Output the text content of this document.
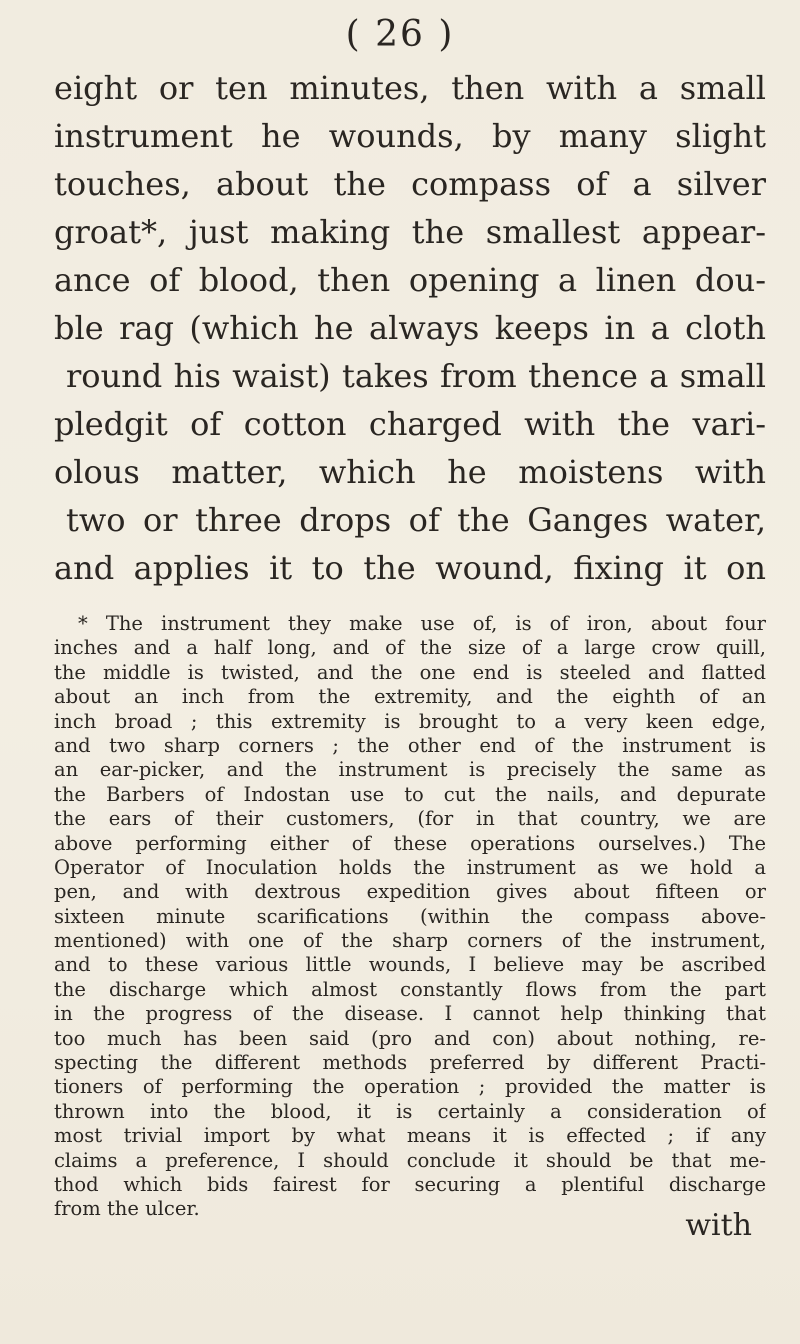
( 26 )
eight or ten minutes, then with a small
instrument he wounds, by many slight
touches, about the compass of a silver
groat*, just making the smallest appear-
ance of blood, then opening a linen dou-
ble rag (which he always keeps in a cloth
round his waist) takes from thence a small
pledgit of cotton charged with the vari-
olous matter, which he moistens with
two or three drops of the Ganges water,
and applies it to the wound, fixing it on
* The instrument they make use of, is of iron, about four
inches and a half long, and of the size of a large crow quill,
the middle is twisted, and the one end is steeled and flatted
about an inch from the extremity, and the eighth of an
inch broad ; this extremity is brought to a very keen edge,
and two sharp corners ; the other end of the instrument is
an ear-picker, and the instrument is precisely the same as
the Barbers of Indostan use to cut the nails, and depurate
the ears of their customers, (for in that country, we are
above performing either of these operations ourselves.) The
Operator of Inoculation holds the instrument as we hold a
pen, and with dextrous expedition gives about fifteen or
sixteen minute scarifications (within the compass above-
mentioned) with one of the sharp corners of the instrument,
and to these various little wounds, I believe may be ascribed
the discharge which almost constantly flows from the part
in the progress of the disease. I cannot help thinking that
too much has been said (pro and con) about nothing, re-
specting the different methods preferred by different Practi-
tioners of performing the operation ; provided the matter is
thrown into the blood, it is certainly a consideration of
most trivial import by what means it is effected ; if any
claims a preference, I should conclude it should be that me-
thod which bids fairest for securing a plentiful discharge
from the ulcer.	with
